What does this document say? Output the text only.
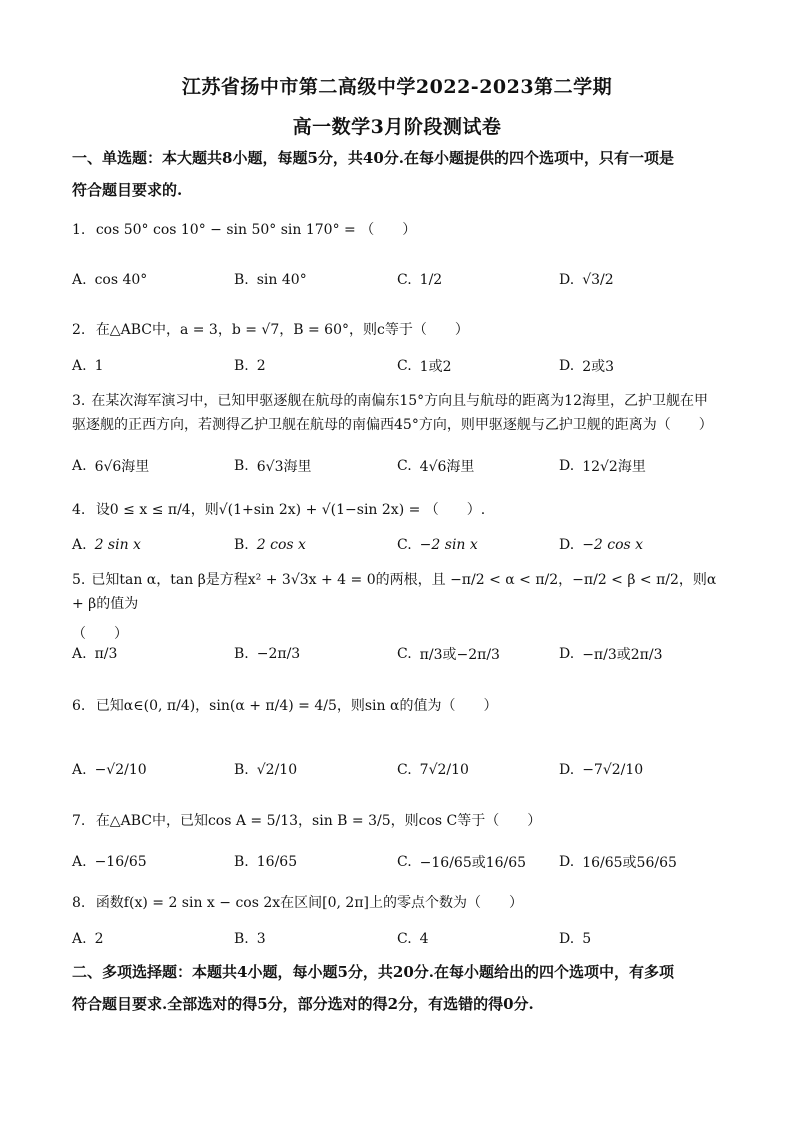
江苏省扬中市第二高级中学2022-2023第二学期
高一数学3月阶段测试卷
一、单选题：本大题共8小题，每题5分，共40分.在每小题提供的四个选项中，只有一项是
符合题目要求的.
1. cos 50° cos 10° − sin 50° sin 170° = （　　）
A. cos 40°	B. sin 40°	C. 1/2	D. √3/2
2. 在△ABC中，a = 3，b = √7，B = 60°，则c等于（　　）
A. 1	B. 2	C. 1或2	D. 2或3
3. 在某次海军演习中，已知甲驱逐舰在航母的南偏东15°方向且与航母的距离为12海里，乙护卫舰在甲
驱逐舰的正西方向，若测得乙护卫舰在航母的南偏西45°方向，则甲驱逐舰与乙护卫舰的距离为（　　）
A. 6√6海里	B. 6√3海里	C. 4√6海里	D. 12√2海里
4. 设0 ≤ x ≤ π/4，则√(1+sin 2x) + √(1−sin 2x) = （　　）.
A. 2 sin x	B. 2 cos x	C. −2 sin x	D. −2 cos x
5. 已知tan α，tan β是方程x² + 3√3x + 4 = 0的两根，且 −π/2 < α < π/2，−π/2 < β < π/2，则α + β的值为
（　　）
A. π/3	B. −2π/3	C. π/3或−2π/3	D. −π/3或2π/3
6. 已知α∈(0, π/4)，sin(α + π/4) = 4/5，则sin α的值为（　　）
A. −√2/10	B. √2/10	C. 7√2/10	D. −7√2/10
7. 在△ABC中，已知cos A = 5/13，sin B = 3/5，则cos C等于（　　）
A. −16/65	B. 16/65	C. −16/65或16/65 D. 16/65或56/65
8. 函数f(x) = 2 sin x − cos 2x在区间[0, 2π]上的零点个数为（　　）
A. 2	B. 3	C. 4	D. 5
二、多项选择题：本题共4小题，每小题5分，共20分.在每小题给出的四个选项中，有多项
符合题目要求.全部选对的得5分，部分选对的得2分，有选错的得0分.
